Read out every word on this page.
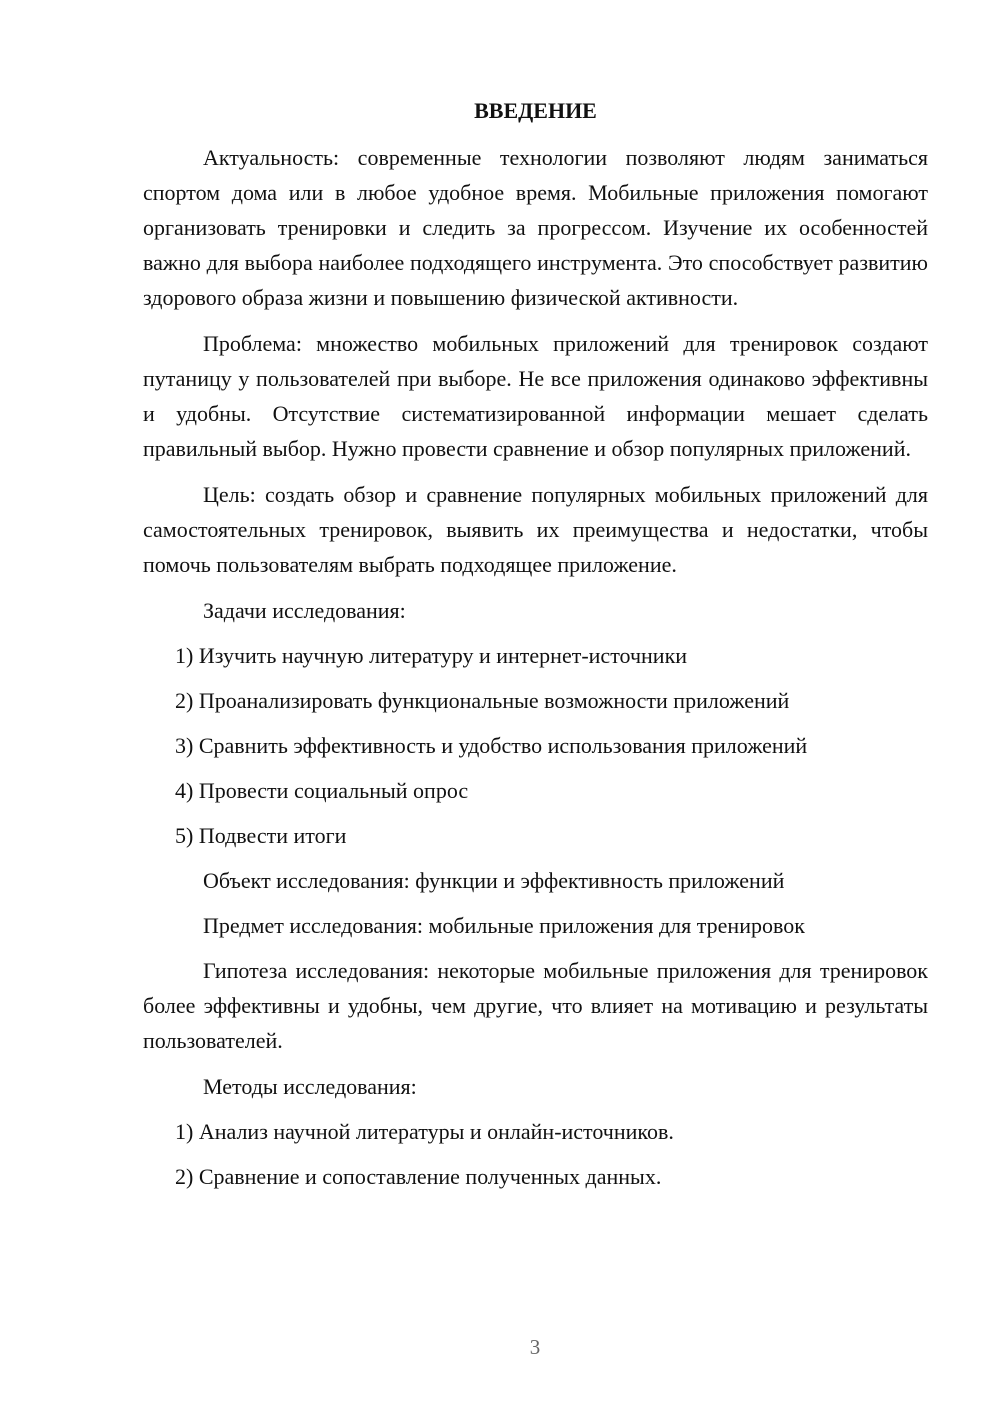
ВВЕДЕНИЕ

Актуальность: современные технологии позволяют людям заниматься спортом дома или в любое удобное время. Мобильные приложения помогают организовать тренировки и следить за прогрессом. Изучение их особенностей важно для выбора наиболее подходящего инструмента. Это способствует развитию здорового образа жизни и повышению физической активности.

Проблема: множество мобильных приложений для тренировок создают путаницу у пользователей при выборе. Не все приложения одинаково эффективны и удобны. Отсутствие систематизированной информации мешает сделать правильный выбор. Нужно провести сравнение и обзор популярных приложений.

Цель: создать обзор и сравнение популярных мобильных приложений для самостоятельных тренировок, выявить их преимущества и недостатки, чтобы помочь пользователям выбрать подходящее приложение.

Задачи исследования:
1) Изучить научную литературу и интернет-источники
2) Проанализировать функциональные возможности приложений
3) Сравнить эффективность и удобство использования приложений
4) Провести социальный опрос
5) Подвести итоги
Объект исследования: функции и эффективность приложений
Предмет исследования: мобильные приложения для тренировок

Гипотеза исследования: некоторые мобильные приложения для тренировок более эффективны и удобны, чем другие, что влияет на мотивацию и результаты пользователей.

Методы исследования:
1) Анализ научной литературы и онлайн-источников.
2) Сравнение и сопоставление полученных данных.
3
